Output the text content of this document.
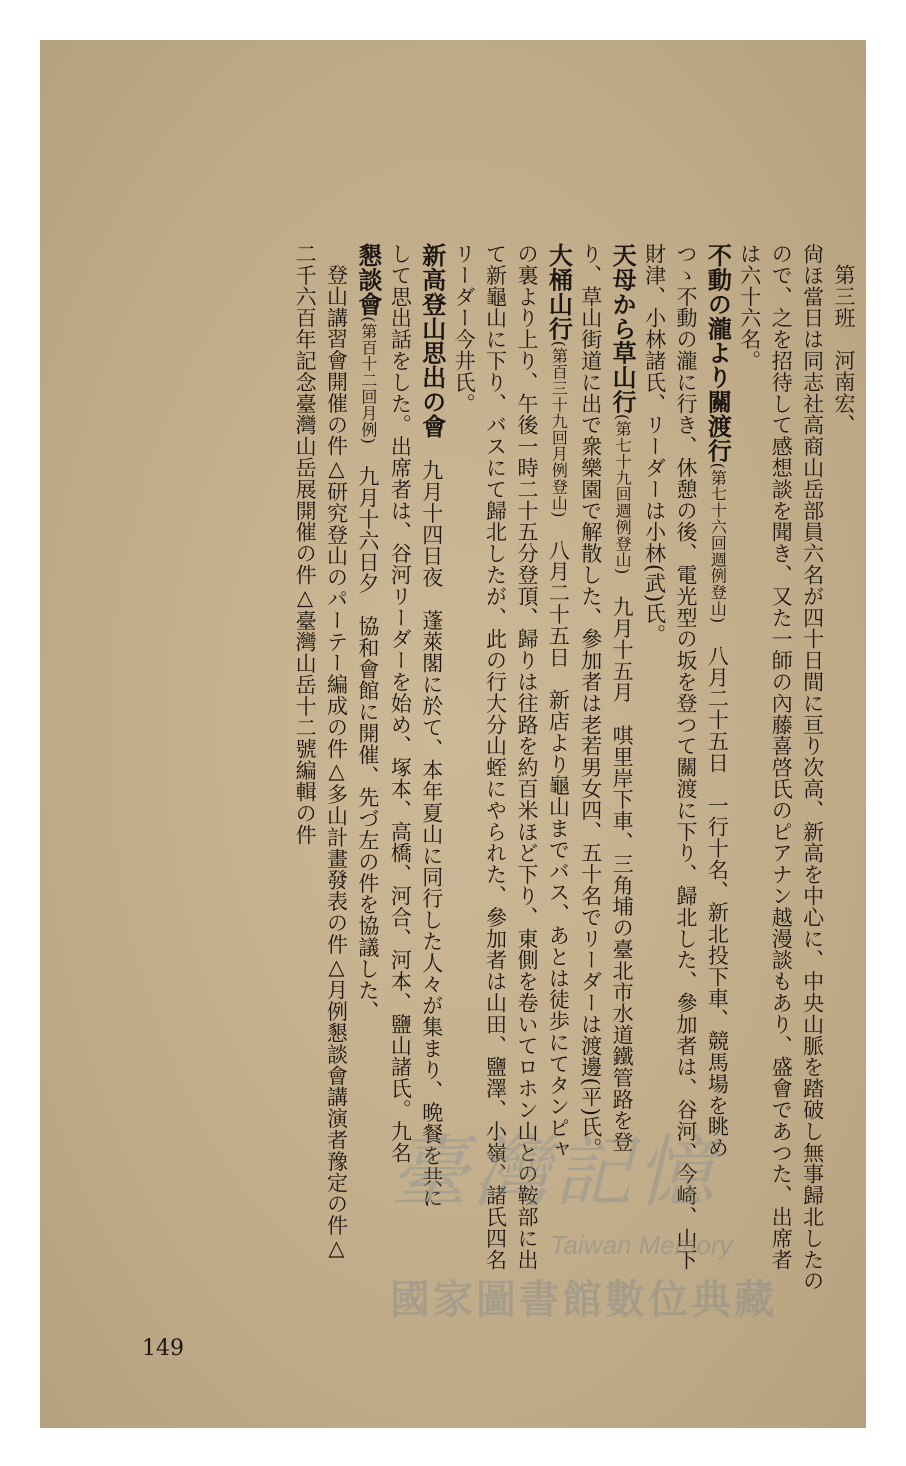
第三班　河南宏、
尙ほ當日は同志社高商山岳部員六名が四十日間に亘り次高、新高を中心に、中央山脈を踏破し無事歸北したの
ので、之を招待して感想談を聞き、又た一師の內藤喜啓氏のピアナン越漫談もあり、盛會であつた、出席者
は六十六名。
不動の瀧より關渡行(第七十六回週例登山)　八月二十五日　一行十名、新北投下車、競馬場を眺め
つゝ不動の瀧に行き、休憩の後、電光型の坂を登つて關渡に下り、歸北した、參加者は、谷河、今崎、山下
財津、小林諸氏、リーダーは小林(武)氏。
天母から草山行(第七十九回週例登山)　九月十五月　唭里岸下車、三角埔の臺北市水道鐵管路を登
り、草山街道に出で衆樂園で解散した、參加者は老若男女四、五十名でリーダーは渡邊(平)氏。
大桶山行(第百三十九回月例登山)　八月二十五日　新店より龜山までバス、あとは徒歩にてタンピャ
の裏より上り、午後一時二十五分登頂、歸りは往路を約百米ほど下り、東側を卷いてロホン山との鞍部に出
て新龜山に下り、バスにて歸北したが、此の行大分山蛭にやられた、參加者は山田、鹽澤、小嶺、諸氏四名
リーダー今井氏。
新高登山思出の會　九月十四日夜　蓬萊閣に於て、本年夏山に同行した人々が集まり、晩餐を共に
して思出話をした。出席者は、谷河リーダーを始め、塚本、高橋、河合、河本、鹽山諸氏。九名
懇談會(第百十二回月例)　九月十六日夕　協和會館に開催、先づ左の件を協議した、
登山講習會開催の件△研究登山のパーテー編成の件△多山計畫發表の件△月例懇談會講演者豫定の件△
二千六百年記念臺灣山岳展開催の件△臺灣山岳十二號編輯の件
149
臺灣記憶
Taiwan Memory
國家圖書館數位典藏
